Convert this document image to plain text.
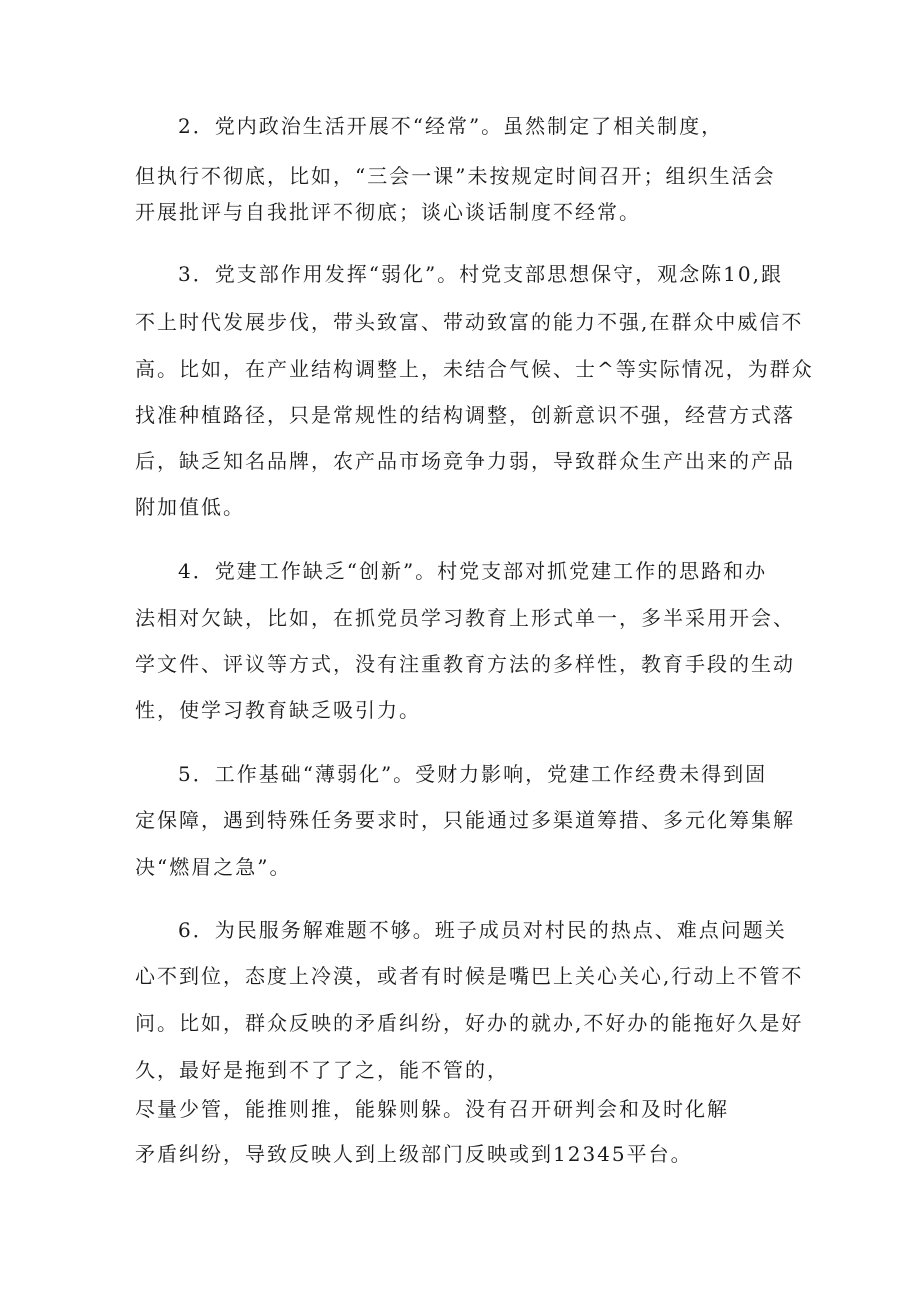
2．党内政治生活开展不“经常”。虽然制定了相关制度，
但执行不彻底，比如，“三会一课”未按规定时间召开；组织生活会
开展批评与自我批评不彻底；谈心谈话制度不经常。
3．党支部作用发挥“弱化”。村党支部思想保守，观念陈10,跟
不上时代发展步伐，带头致富、带动致富的能力不强,在群众中威信不
高。比如，在产业结构调整上，未结合气候、士^等实际情况，为群众
找准种植路径，只是常规性的结构调整，创新意识不强，经营方式落
后，缺乏知名品牌，农产品市场竞争力弱，导致群众生产出来的产品
附加值低。
4．党建工作缺乏“创新”。村党支部对抓党建工作的思路和办
法相对欠缺，比如，在抓党员学习教育上形式单一，多半采用开会、
学文件、评议等方式，没有注重教育方法的多样性，教育手段的生动
性，使学习教育缺乏吸引力。
5．工作基础“薄弱化”。受财力影响，党建工作经费未得到固
定保障，遇到特殊任务要求时，只能通过多渠道筹措、多元化筹集解
决“燃眉之急”。
6．为民服务解难题不够。班子成员对村民的热点、难点问题关
心不到位，态度上冷漠，或者有时候是嘴巴上关心关心,行动上不管不
问。比如，群众反映的矛盾纠纷，好办的就办,不好办的能拖好久是好
久，最好是拖到不了了之，能不管的，
尽量少管，能推则推，能躲则躲。没有召开研判会和及时化解
矛盾纠纷，导致反映人到上级部门反映或到12345平台。
